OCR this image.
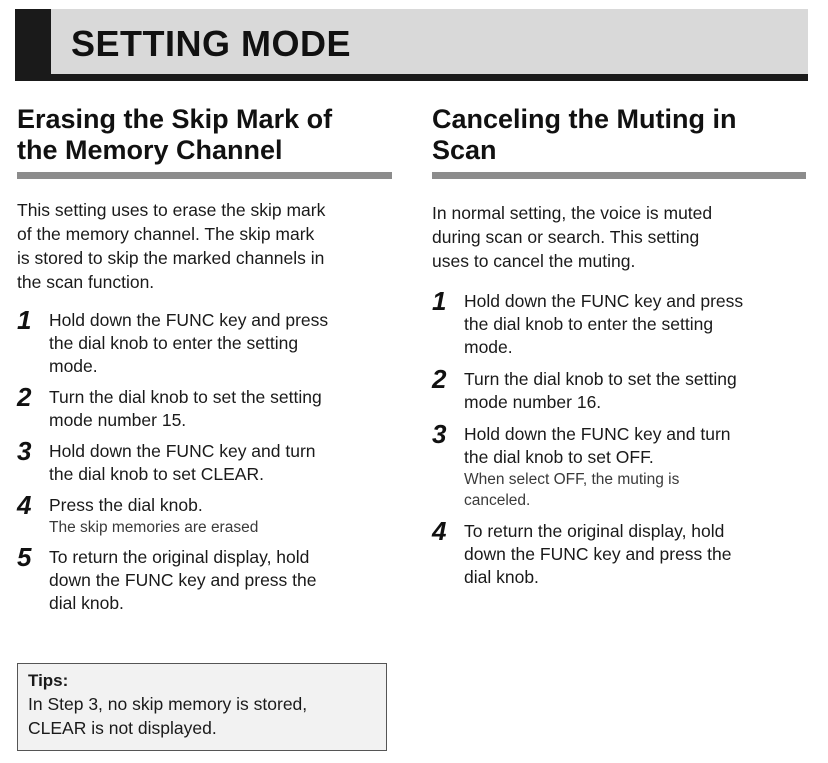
SETTING MODE
Erasing the Skip Mark of
the Memory Channel

This setting uses to erase the skip mark
of the memory channel. The skip mark
is stored to skip the marked channels in
the scan function.

1 Hold down the FUNC key and press
the dial knob to enter the setting
mode.
2 Turn the dial knob to set the setting
mode number 15.
3 Hold down the FUNC key and turn
the dial knob to set CLEAR.
4 Press the dial knob.
The skip memories are erased
5 To return the original display, hold
down the FUNC key and press the
dial knob.
Tips:
In Step 3, no skip memory is stored,
CLEAR is not displayed.
Canceling the Muting in
Scan

In normal setting, the voice is muted
during scan or search. This setting
uses to cancel the muting.

1 Hold down the FUNC key and press
the dial knob to enter the setting
mode.
2 Turn the dial knob to set the setting
mode number 16.
3 Hold down the FUNC key and turn
the dial knob to set OFF.
When select OFF, the muting is
canceled.
4 To return the original display, hold
down the FUNC key and press the
dial knob.
